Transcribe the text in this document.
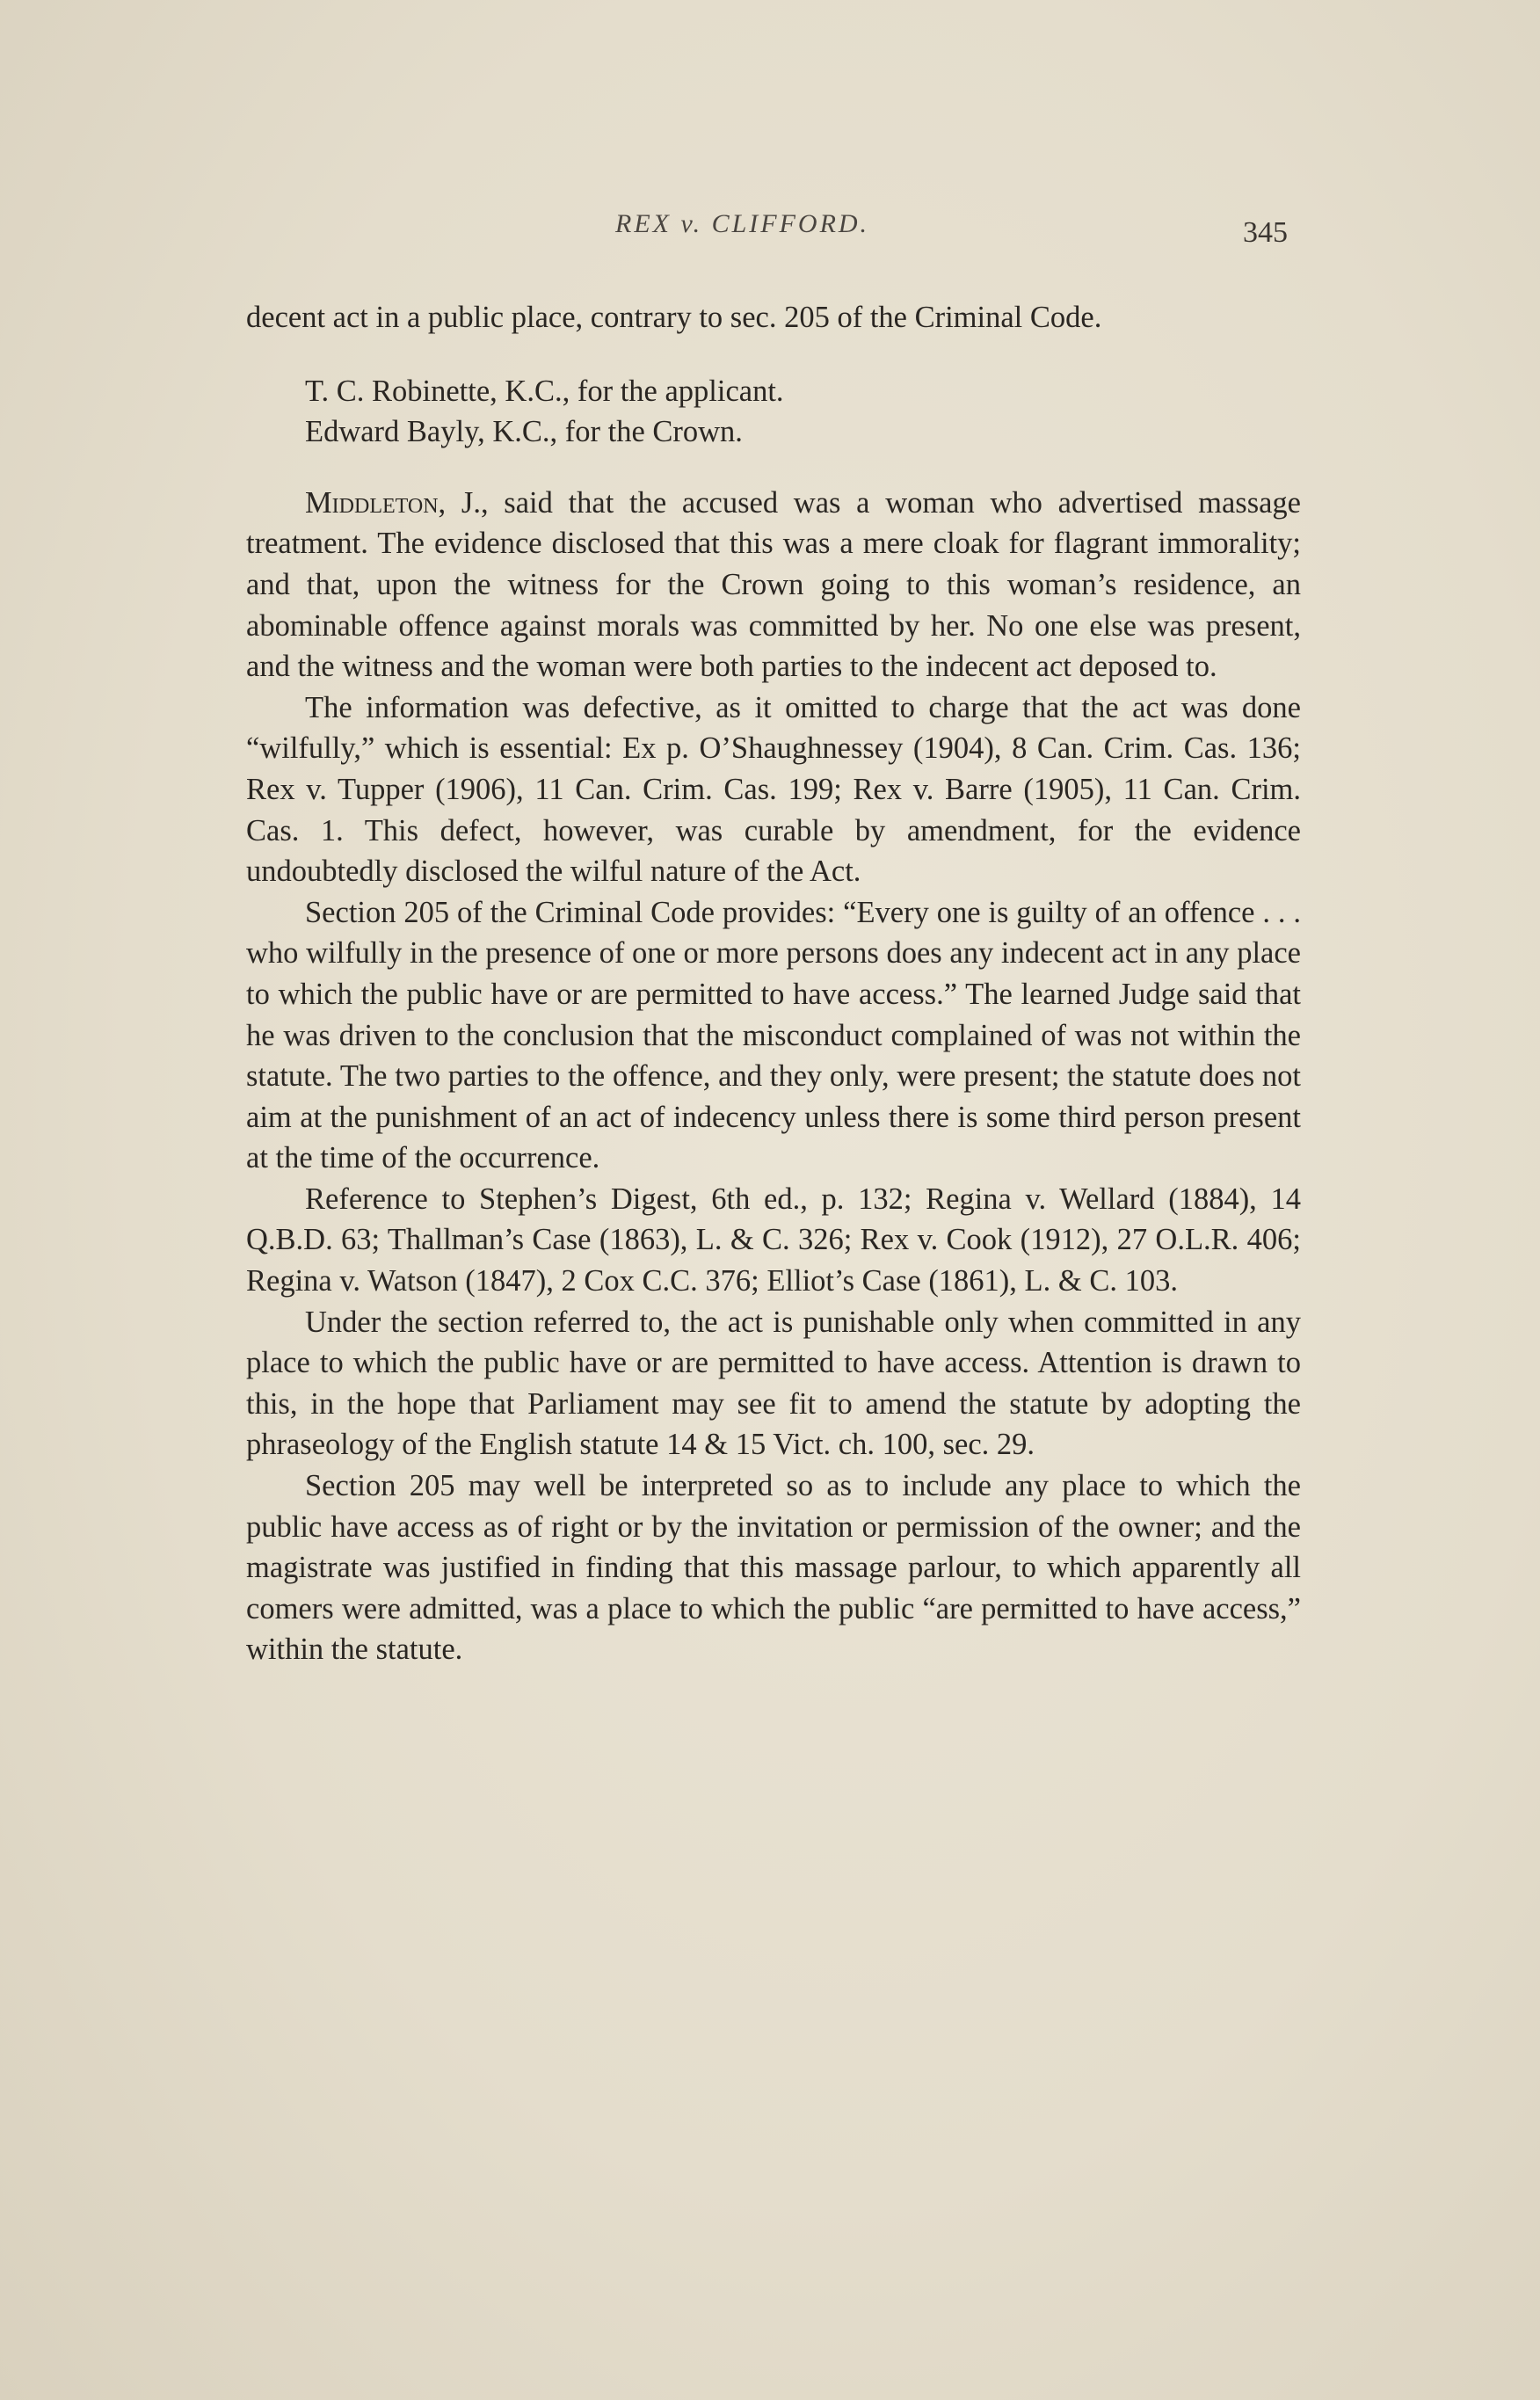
REX v. CLIFFORD.	345

decent act in a public place, contrary to sec. 205 of the Criminal Code.

T. C. Robinette, K.C., for the applicant.

Edward Bayly, K.C., for the Crown.

Middleton, J., said that the accused was a woman who advertised massage treatment. The evidence disclosed that this was a mere cloak for flagrant immorality; and that, upon the witness for the Crown going to this woman’s residence, an abominable offence against morals was committed by her. No one else was present, and the witness and the woman were both parties to the indecent act deposed to.

The information was defective, as it omitted to charge that the act was done “wilfully,” which is essential: Ex p. O’Shaughnessey (1904), 8 Can. Crim. Cas. 136; Rex v. Tupper (1906), 11 Can. Crim. Cas. 199; Rex v. Barre (1905), 11 Can. Crim. Cas. 1. This defect, however, was curable by amendment, for the evidence undoubtedly disclosed the wilful nature of the Act.

Section 205 of the Criminal Code provides: “Every one is guilty of an offence . . . who wilfully in the presence of one or more persons does any indecent act in any place to which the public have or are permitted to have access.” The learned Judge said that he was driven to the conclusion that the misconduct complained of was not within the statute. The two parties to the offence, and they only, were present; the statute does not aim at the punishment of an act of indecency unless there is some third person present at the time of the occurrence.

Reference to Stephen’s Digest, 6th ed., p. 132; Regina v. Wellard (1884), 14 Q.B.D. 63; Thallman’s Case (1863), L. & C. 326; Rex v. Cook (1912), 27 O.L.R. 406; Regina v. Watson (1847), 2 Cox C.C. 376; Elliot’s Case (1861), L. & C. 103.

Under the section referred to, the act is punishable only when committed in any place to which the public have or are permitted to have access. Attention is drawn to this, in the hope that Parliament may see fit to amend the statute by adopting the phraseology of the English statute 14 & 15 Vict. ch. 100, sec. 29.

Section 205 may well be interpreted so as to include any place to which the public have access as of right or by the invitation or permission of the owner; and the magistrate was justified in finding that this massage parlour, to which apparently all comers were admitted, was a place to which the public “are permitted to have access,” within the statute.
